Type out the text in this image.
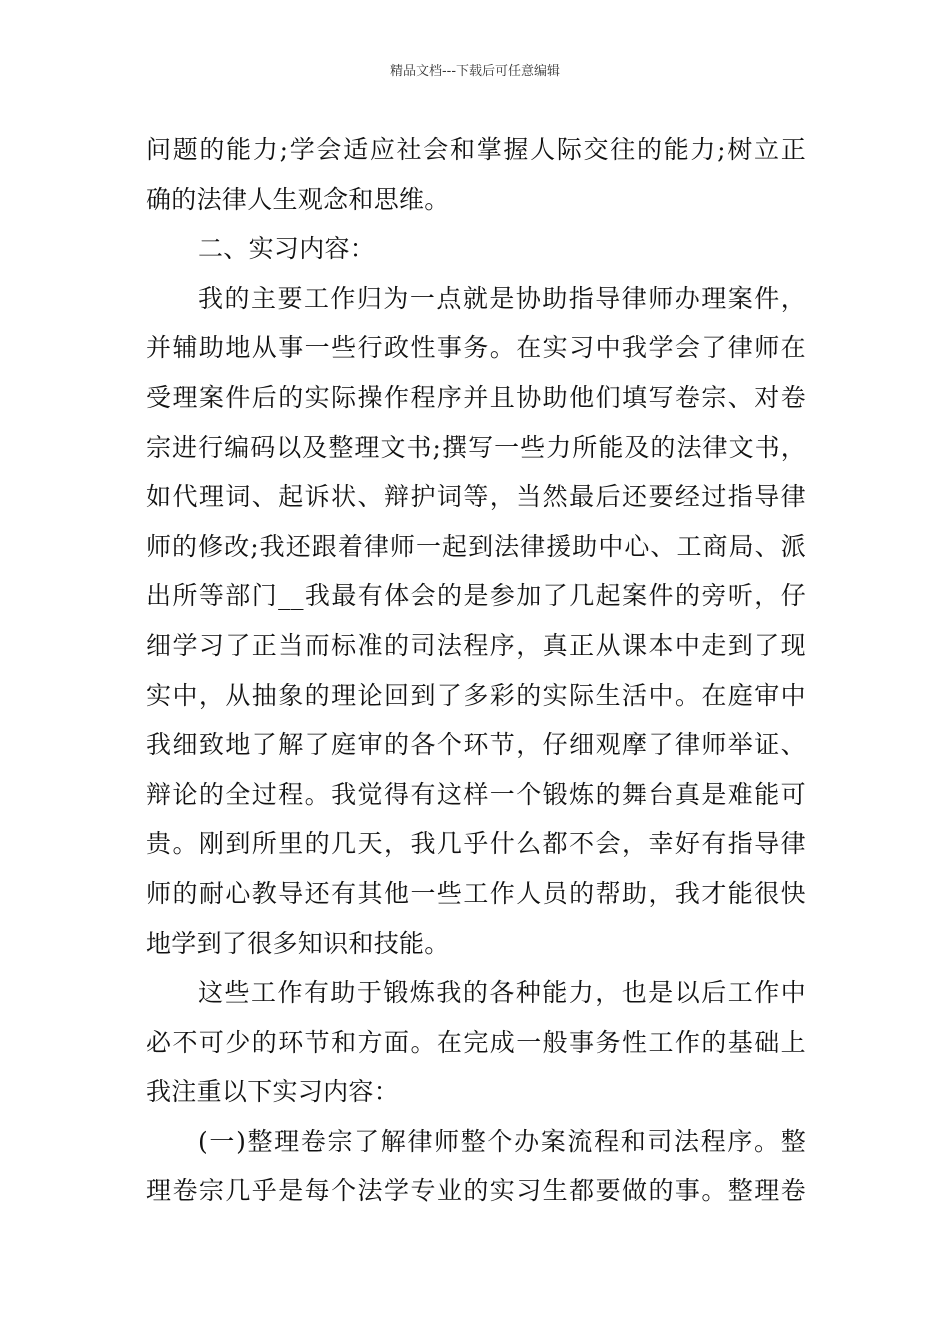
精品文档---下载后可任意编辑
问题的能力;学会适应社会和掌握人际交往的能力;树立正
确的法律人生观念和思维。
二、实习内容：
我的主要工作归为一点就是协助指导律师办理案件，
并辅助地从事一些行政性事务。在实习中我学会了律师在
受理案件后的实际操作程序并且协助他们填写卷宗、对卷
宗进行编码以及整理文书;撰写一些力所能及的法律文书，
如代理词、起诉状、辩护词等，当然最后还要经过指导律
师的修改;我还跟着律师一起到法律援助中心、工商局、派
出所等部门__我最有体会的是参加了几起案件的旁听，仔
细学习了正当而标准的司法程序，真正从课本中走到了现
实中，从抽象的理论回到了多彩的实际生活中。在庭审中
我细致地了解了庭审的各个环节，仔细观摩了律师举证、
辩论的全过程。我觉得有这样一个锻炼的舞台真是难能可
贵。刚到所里的几天，我几乎什么都不会，幸好有指导律
师的耐心教导还有其他一些工作人员的帮助，我才能很快
地学到了很多知识和技能。
这些工作有助于锻炼我的各种能力，也是以后工作中
必不可少的环节和方面。在完成一般事务性工作的基础上
我注重以下实习内容：
(一)整理卷宗了解律师整个办案流程和司法程序。整
理卷宗几乎是每个法学专业的实习生都要做的事。整理卷
